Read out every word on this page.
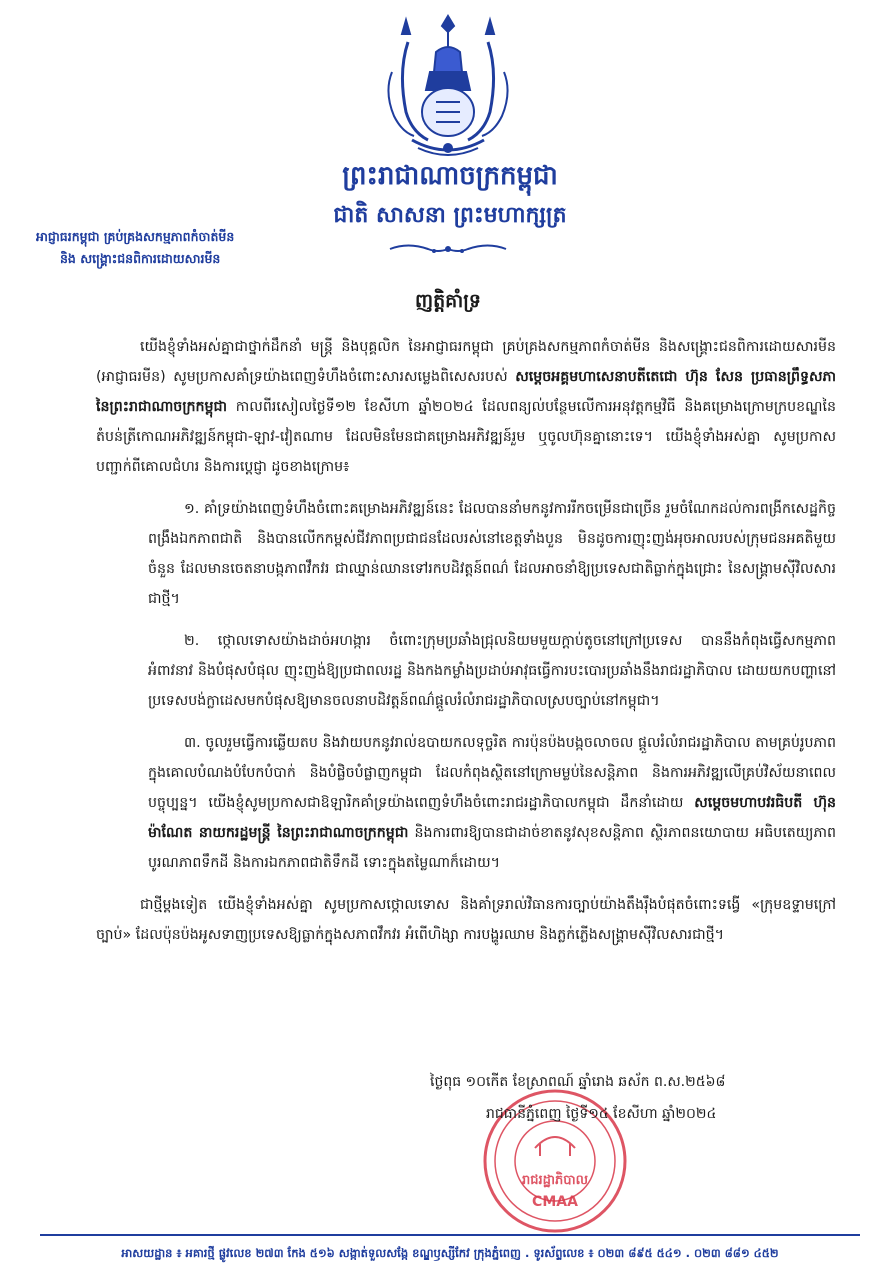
ព្រះរាជាណាចក្រកម្ពុជា
ជាតិ សាសនា ព្រះមហាក្សត្រ
អាជ្ញាធរកម្ពុជា គ្រប់គ្រងសកម្មភាពកំចាត់មីន
និង សង្គ្រោះជនពិការដោយសារមីន
ញត្តិគាំទ្រ

យើងខ្ញុំទាំងអស់គ្នាជាថ្នាក់ដឹកនាំ មន្ត្រី និងបុគ្គលិក នៃអាជ្ញាធរកម្ពុជា គ្រប់គ្រងសកម្មភាពកំចាត់មីន និងសង្គ្រោះជនពិការដោយសារមីន (អាជ្ញាធរមីន) សូមប្រកាសគាំទ្រយ៉ាងពេញទំហឹងចំពោះសារសម្លេងពិសេសរបស់ សម្តេចអគ្គមហាសេនាបតីតេជោ ហ៊ុន សែន ប្រធានព្រឹទ្ធសភា នៃព្រះរាជាណាចក្រកម្ពុជា កាលពីរសៀលថ្ងៃទី១២ ខែសីហា ឆ្នាំ២០២៤ ដែលពន្យល់បន្ថែមលើការអនុវត្តកម្មវិធី និងគម្រោងក្រោមក្របខណ្ឌនៃតំបន់ត្រីកោណអភិវឌ្ឍន៍កម្ពុជា-ឡាវ-វៀតណាម ដែលមិនមែនជាគម្រោងអភិវឌ្ឍន៍រួម ឬចូលហ៊ុនគ្នានោះទេ។ យើងខ្ញុំទាំងអស់គ្នា សូមប្រកាសបញ្ជាក់ពីគោលជំហរ និងការប្តេជ្ញា ដូចខាងក្រោម៖

១. គាំទ្រយ៉ាងពេញទំហឹងចំពោះគម្រោងអភិវឌ្ឍន៍នេះ ដែលបាននាំមកនូវការរីកចម្រើនជាច្រើន រួមចំណែកដល់ការពង្រីកសេដ្ឋកិច្ច ពង្រឹងឯកភាពជាតិ និងបានលើកកម្ពស់ជីវភាពប្រជាជនដែលរស់នៅខេត្តទាំងបួន មិនដូចការញុះញង់អុចអាលរបស់ក្រុមជនអគតិមួយចំនួន ដែលមានចេតនាបង្កភាពវឹកវរ ជាឈ្នាន់ឈានទៅរកបដិវត្តន៍ពណ៌ ដែលអាចនាំឱ្យប្រទេសជាតិធ្លាក់ក្នុងជ្រោះ នៃសង្គ្រាមស៊ីវិលសារជាថ្មី។

២. ថ្កោលទោសយ៉ាងដាច់អហង្ការ ចំពោះក្រុមប្រឆាំងជ្រុលនិយមមួយក្តាប់តូចនៅក្រៅប្រទេស បាននឹងកំពុងធ្វើសកម្មភាពអំពាវនាវ និងបំផុសបំផុល ញុះញង់ឱ្យប្រជាពលរដ្ឋ និងកងកម្លាំងប្រដាប់អាវុធធ្វើការបះបោរប្រឆាំងនឹងរាជរដ្ឋាភិបាល ដោយយកបញ្ហានៅប្រទេសបង់ក្លាដេសមកបំផុសឱ្យមានចលនាបដិវត្តន៍ពណ៌ផ្តួលរំលំរាជរដ្ឋាភិបាលស្របច្បាប់នៅកម្ពុជា។

៣. ចូលរួមធ្វើការឆ្លើយតប និងវាយបកនូវរាល់ឧបាយកលទុច្ចរិត ការប៉ុនប៉ងបង្កចលាចល ផ្តួលរំលំរាជរដ្ឋាភិបាល តាមគ្រប់រូបភាព ក្នុងគោលបំណងបំបែកបំបាក់ និងបំផ្លិចបំផ្លាញកម្ពុជា ដែលកំពុងស្ថិតនៅក្រោមម្លប់នៃសន្តិភាព និងការអភិវឌ្ឍលើគ្រប់វិស័យនាពេលបច្ចុប្បន្ន។ យើងខ្ញុំសូមប្រកាសជាឱឡារិកគាំទ្រយ៉ាងពេញទំហឹងចំពោះរាជរដ្ឋាភិបាលកម្ពុជា ដឹកនាំដោយ សម្តេចមហាបវរធិបតី ហ៊ុន ម៉ាណែត នាយករដ្ឋមន្ត្រី នៃព្រះរាជាណាចក្រកម្ពុជា និងការពារឱ្យបានជាដាច់ខាតនូវសុខសន្តិភាព ស្ថិរភាពនយោបាយ អធិបតេយ្យភាព បូរណភាពទឹកដី និងការឯកភាពជាតិទឹកដី ទោះក្នុងតម្លៃណាក៏ដោយ។

ជាថ្មីម្តងទៀត យើងខ្ញុំទាំងអស់គ្នា សូមប្រកាសថ្កោលទោស និងគាំទ្ររាល់វិធានការច្បាប់យ៉ាងតឹងរ៉ឹងបំផុតចំពោះទង្វើ «ក្រុមឧទ្ទាមក្រៅច្បាប់» ដែលប៉ុនប៉ងអូសទាញប្រទេសឱ្យធ្លាក់ក្នុងសភាពវឹកវរ អំពើហិង្សា ការបង្ហូរឈាម និងភ្លក់ភ្លើងសង្គ្រាមស៊ីវិលសារជាថ្មី។

រាជរដ្ឋាភិបាល
CMAA
ថ្ងៃពុធ ១០កើត ខែស្រាពណ៍ ឆ្នាំរោង ឆស័ក ព.ស.២៥៦៨
រាជធានីភ្នំពេញ ថ្ងៃទី១៤ ខែសីហា ឆ្នាំ២០២៤
អាសយដ្ឋាន ៖ អគារថ្មី ផ្លូវលេខ ២៧៣ កែង ៥១៦ សង្កាត់ទួលសង្កែ ខណ្ឌឫស្សីកែវ ក្រុងភ្នំពេញ . ទូរស័ព្ទលេខ ៖ ០២៣ ៨៩៥ ៥៤១ . ០២៣ ៨៨១ ៤៥២
